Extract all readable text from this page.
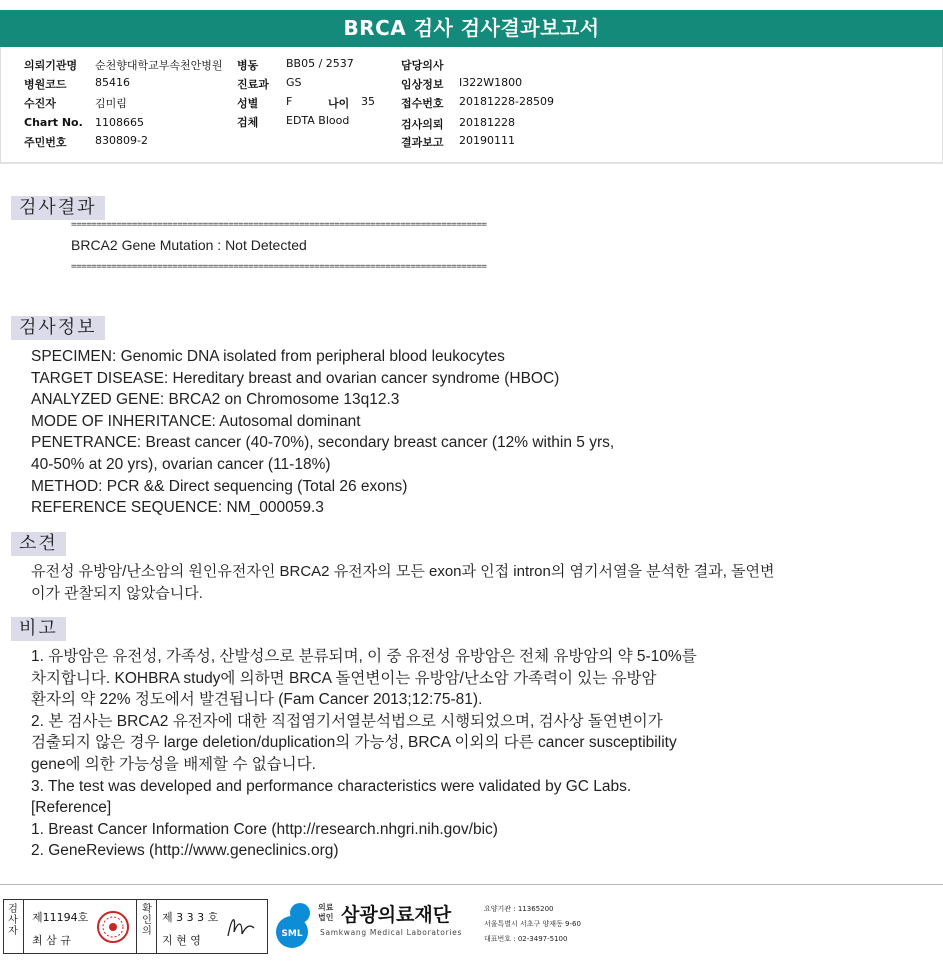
BRCA 검사 검사결과보고서
의뢰기관명 순천향대학교부속천안병원 병동	BB05 / 2537	담당의사
병원코드	85416	진료과 GS	임상정보 I322W1800
수진자	김미림	성별	F	나이 35 접수번호 20181228-28509
Chart No. 1108665	검체	EDTA Blood	검사의뢰 20181228
주민번호	830809-2	결과보고 20190111
검사결과
==================================================================================
BRCA2 Gene Mutation : Not Detected
==================================================================================
검사정보
SPECIMEN: Genomic DNA isolated from peripheral blood leukocytes
TARGET DISEASE: Hereditary breast and ovarian cancer syndrome (HBOC)
ANALYZED GENE: BRCA2 on Chromosome 13q12.3
MODE OF INHERITANCE: Autosomal dominant
PENETRANCE: Breast cancer (40-70%), secondary breast cancer (12% within 5 yrs,
40-50% at 20 yrs), ovarian cancer (11-18%)
METHOD: PCR && Direct sequencing (Total 26 exons)
REFERENCE SEQUENCE: NM_000059.3
소견
유전성 유방암/난소암의 원인유전자인 BRCA2 유전자의 모든 exon과 인접 intron의 염기서열을 분석한 결과, 돌연변
이가 관찰되지 않았습니다.
비고
1. 유방암은 유전성, 가족성, 산발성으로 분류되며, 이 중 유전성 유방암은 전체 유방암의 약 5-10%를
차지합니다. KOHBRA study에 의하면 BRCA 돌연변이는 유방암/난소암 가족력이 있는 유방암
환자의 약 22% 정도에서 발견됩니다 (Fam Cancer 2013;12:75-81).
2. 본 검사는 BRCA2 유전자에 대한 직접염기서열분석법으로 시행되었으며, 검사상 돌연변이가
검출되지 않은 경우 large deletion/duplication의 가능성, BRCA 이외의 다른 cancer susceptibility
gene에 의한 가능성을 배제할 수 없습니다.
3. The test was developed and performance characteristics were validated by GC Labs.
[Reference]
1. Breast Cancer Information Core (http://research.nhgri.nih.gov/bic)
2. GeneReviews (http://www.geneclinics.org)
검사자
제11194호
최 삼 규
확인의
제 3 3 3 호
지 현 영	SML
의료
법인 삼광의료재단
Samkwang Medical Laboratories
요양기관 : 11365200
서울특별시 서초구 양재동 9-60
대표번호 : 02-3497-5100
